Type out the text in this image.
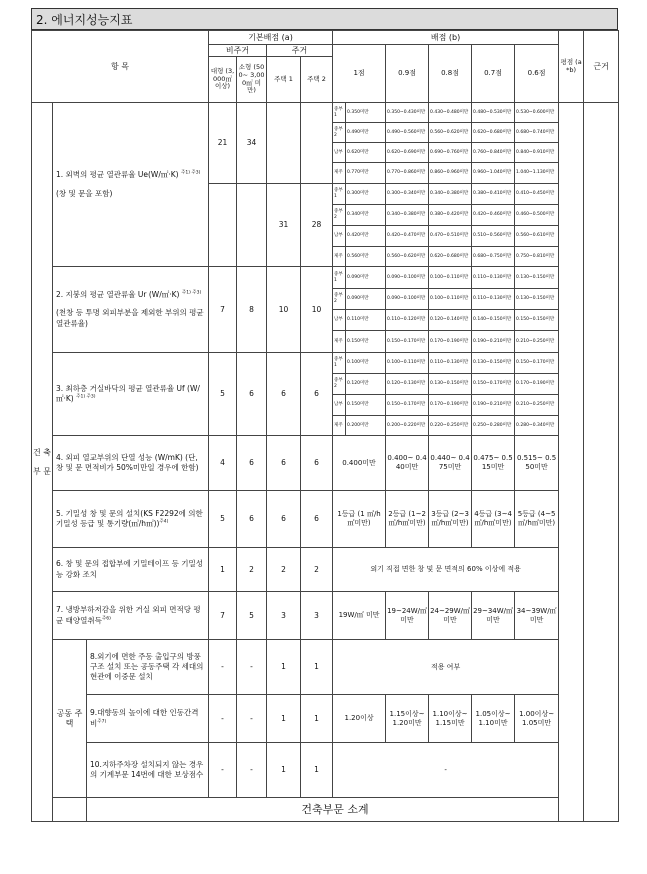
2. 에너지성능지표
항 목			기본배점 (a)				배점 (b)						평점 (a*b)	근거	
			비주거		주거		1점		0.9점	0.8점	0.7점	0.6점			
			대형 (3,000㎡ 이상)	소형 (500~ 3,000㎡ 미만)	주택 1	주택 2									
건 축 부 문	1. 외벽의 평균 열관류율 Ue(W/㎡·K) $^{주1) 주3)}$
(창 및 문을 포함)		21	34			중부1	0.350미만	0.350~0.430미만	0.430~0.480미만	0.480~0.530미만	0.530~0.600미만			
							중부2	0.490미만	0.490~0.560미만	0.560~0.620미만	0.620~0.680미만	0.680~0.740미만			
							남부	0.620미만	0.620~0.690미만	0.690~0.760미만	0.760~0.840미만	0.840~0.910미만			
							제주	0.770미만	0.770~0.860미만	0.860~0.960미만	0.960~1.040미만	1.040~1.130미만			
					31	28	중부1	0.300미만	0.300~0.340미만	0.340~0.380미만	0.380~0.410미만	0.410~0.450미만			
							중부2	0.340미만	0.340~0.380미만	0.380~0.420미만	0.420~0.460미만	0.460~0.500미만			
							남부	0.420미만	0.420~0.470미만	0.470~0.510미만	0.510~0.560미만	0.560~0.610미만			
							제주	0.560미만	0.560~0.620미만	0.620~0.680미만	0.680~0.750미만	0.750~0.810미만			
	2. 지붕의 평균 열관류율 Ur (W/㎡·K) $^{주1) 주3)}$
(천창 등 투명 외피부분을 제외한 부위의 평균 열관류율)		7	8	10	10	중부1	0.090미만	0.090~0.100미만	0.100~0.110미만	0.110~0.130미만	0.130~0.150미만			
							중부2	0.090미만	0.090~0.100미만	0.100~0.110미만	0.110~0.130미만	0.130~0.150미만			
							남부	0.110미만	0.110~0.120미만	0.120~0.140미만	0.140~0.150미만	0.150~0.150미만			
							제주	0.150미만	0.150~0.170미만	0.170~0.190미만	0.190~0.210미만	0.210~0.250미만			
	3. 최하층 거실바닥의 평균 열관류율 Uf (W/㎡·K) $^{주1) 주3)}$		5	6	6	6	중부1	0.100미만	0.100~0.110미만	0.110~0.130미만	0.130~0.150미만	0.150~0.170미만			
							중부2	0.120미만	0.120~0.130미만	0.130~0.150미만	0.150~0.170미만	0.170~0.190미만			
							남부	0.150미만	0.150~0.170미만	0.170~0.190미만	0.190~0.210미만	0.210~0.250미만			
							제주	0.200미만	0.200~0.220미만	0.220~0.250미만	0.250~0.280미만	0.280~0.340미만			
	4. 외피 열교부위의 단열 성능 (W/mK) (단, 창 및 문 면적비가 50%미만일 경우에 한함)		4	6	6	6	0.400미만		0.400~ 0.440미만	0.440~ 0.475미만	0.475~ 0.515미만	0.515~ 0.550미만			
	5. 기밀성 창 및 문의 설치(KS F2292에 의한 기밀성 등급 및 통기량(㎥/h㎡))$^{주4)}$		5	6	6	6	1등급 (1 ㎥/h㎡미만)		2등급 (1~2 ㎥/h㎡미만)	3등급 (2~3 ㎥/h㎡미만)	4등급 (3~4 ㎥/h㎡미만)	5등급 (4~5 ㎥/h㎡미만)			
	6. 창 및 문의 접합부에 기밀테이프 등 기밀성능 강화 조치		1	2	2	2	외기 직접 면한 창 및 문 면적의 60% 이상에 적용								
	7. 냉방부하저감을 위한 거실 외피 면적당 평균 태양열취득$^{주6)}$		7	5	3	3	19W/㎡ 미만		19~24W/㎡ 미만	24~29W/㎡ 미만	29~34W/㎡ 미만	34~39W/㎡ 미만			
	공동 주택	8.외기에 면한 주동 출입구의 방풍구조 설치 또는 공동주택 각 세대의 현관에 이중문 설치	-	-	1	1	적용 여부								
		9.대향동의 높이에 대한 인동간격비$^{주7)}$	-	-	1	1	1.20이상		1.15이상~ 1.20미만	1.10이상~ 1.15미만	1.05이상~ 1.10미만	1.00이상~ 1.05미만			
		10.지하주차장 설치되지 않는 경우의 기계부문 14번에 대한 보상점수	-	-	1	1	-								
		건축부문 소계													
